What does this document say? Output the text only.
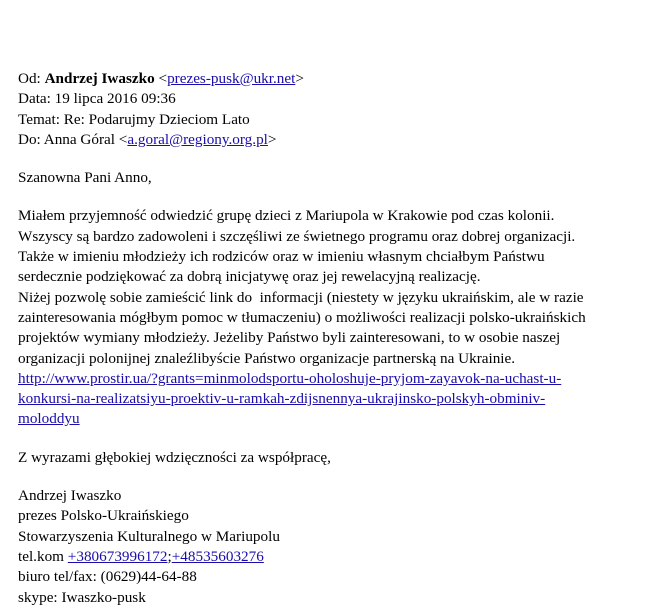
Od: Andrzej Iwaszko <prezes-pusk@ukr.net>
Data: 19 lipca 2016 09:36
Temat: Re: Podarujmy Dzieciom Lato
Do: Anna Góral <a.goral@regiony.org.pl>
Szanowna Pani Anno,
Miałem przyjemność odwiedzić grupę dzieci z Mariupola w Krakowie pod czas kolonii.
Wszyscy są bardzo zadowoleni i szczęśliwi ze świetnego programu oraz dobrej organizacji.
Także w imieniu młodzieży ich rodziców oraz w imieniu własnym chciałbym Państwu
serdecznie podziękować za dobrą inicjatywę oraz jej rewelacyjną realizację.
Niżej pozwolę sobie zamieścić link do  informacji (niestety w języku ukraińskim, ale w razie
zainteresowania mógłbym pomoc w tłumaczeniu) o możliwości realizacji polsko-ukraińskich
projektów wymiany młodzieży. Jeżeliby Państwo byli zainteresowani, to w osobie naszej
organizacji polonijnej znaleźlibyście Państwo organizacje partnerską na Ukrainie.
http://www.prostir.ua/?grants=minmolodsportu-oholoshuje-pryjom-zayavok-na-uchast-u-
konkursi-na-realizatsiyu-proektiv-u-ramkah-zdijsnennya-ukrajinsko-polskyh-obminiv-
moloddyu
Z wyrazami głębokiej wdzięczności za współpracę,
Andrzej Iwaszko
prezes Polsko-Ukraińskiego
Stowarzyszenia Kulturalnego w Mariupolu
tel.kom +380673996172;+48535603276
biuro tel/fax: (0629)44-64-88
skype: Iwaszko-pusk
